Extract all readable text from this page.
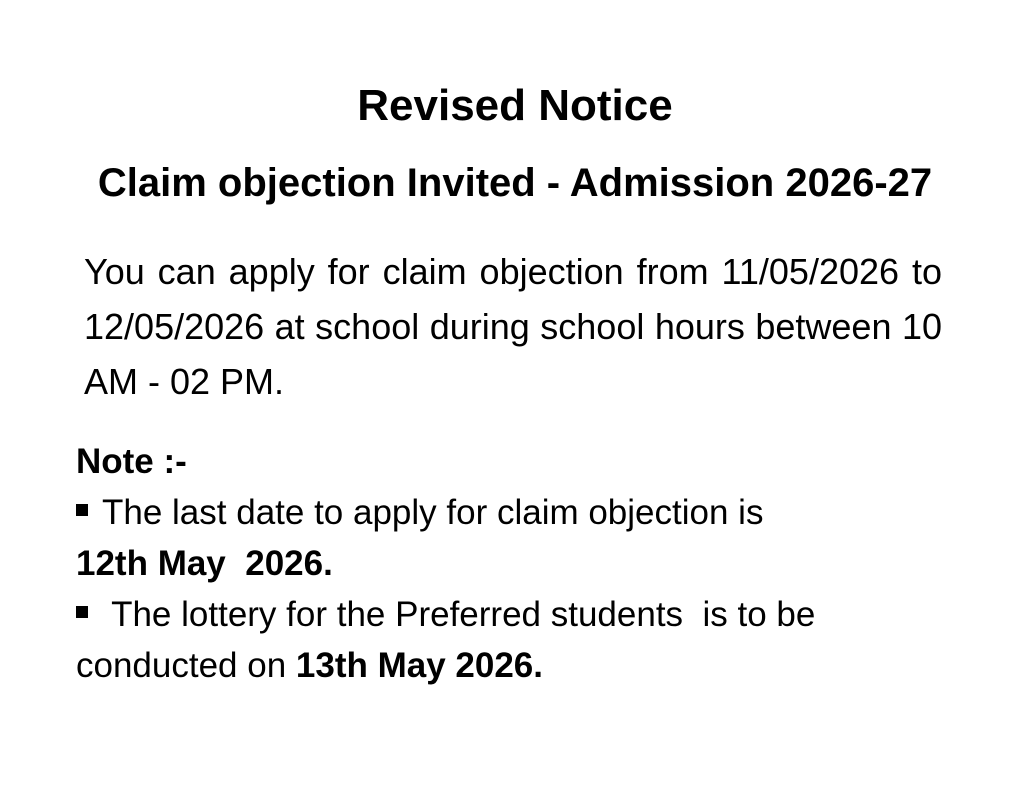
Revised Notice
Claim objection Invited - Admission 2026-27

You can apply for claim objection from 11/05/2026 to 12/05/2026 at school during school hours between 10 AM - 02 PM.

Note :-
The last date to apply for claim objection is
12th May  2026.
The lottery for the Preferred students  is to be
conducted on 13th May 2026.
